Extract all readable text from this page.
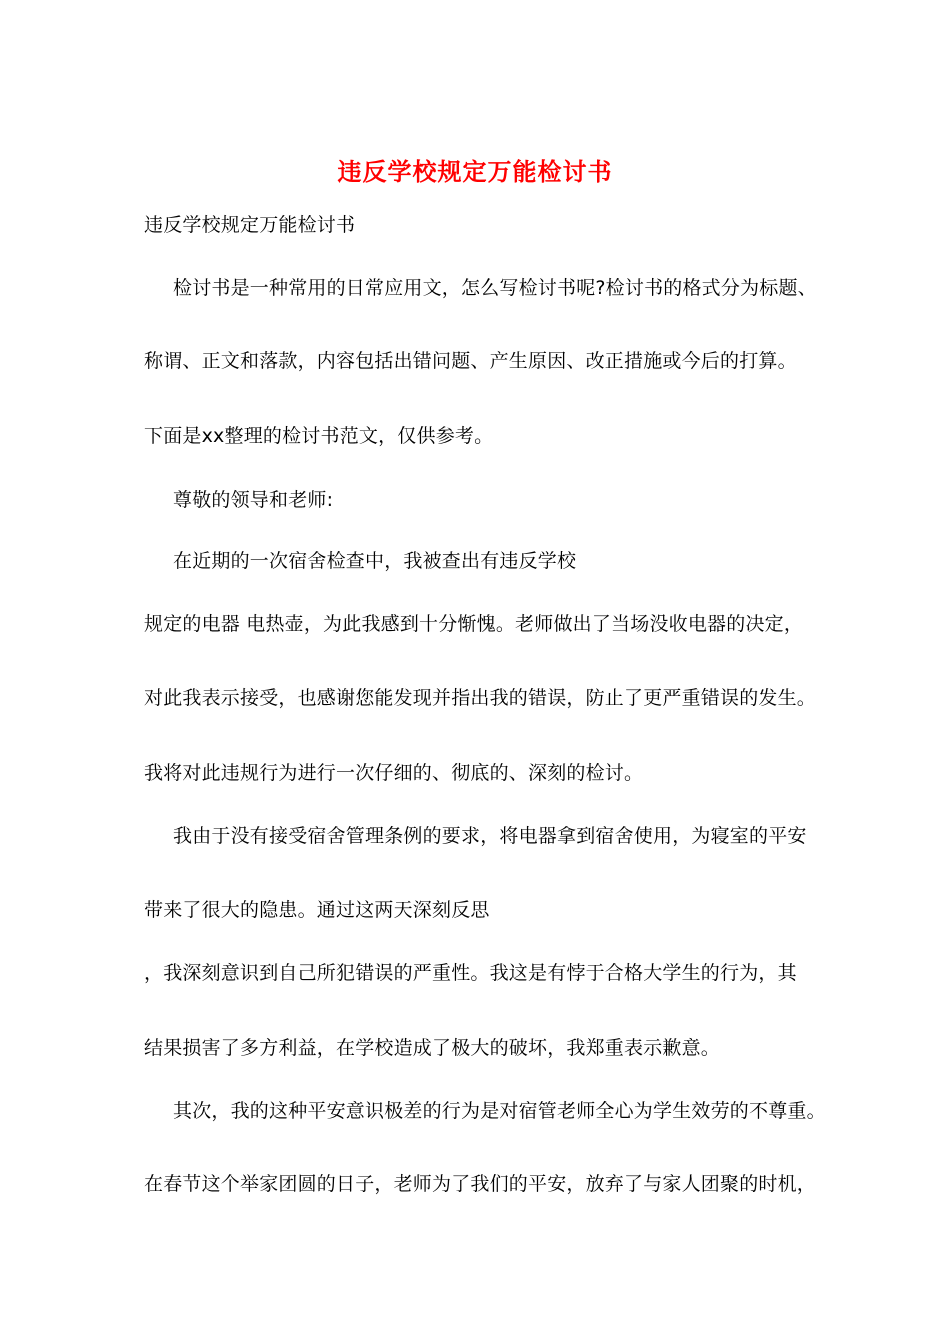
违反学校规定万能检讨书
违反学校规定万能检讨书
检讨书是一种常用的日常应用文，怎么写检讨书呢?检讨书的格式分为标题、
称谓、正文和落款，内容包括出错问题、产生原因、改正措施或今后的打算。
下面是xx整理的检讨书范文，仅供参考。
尊敬的领导和老师:
在近期的一次宿舍检查中，我被查出有违反学校
规定的电器 电热壶，为此我感到十分惭愧。老师做出了当场没收电器的决定，
对此我表示接受，也感谢您能发现并指出我的错误，防止了更严重错误的发生。
我将对此违规行为进行一次仔细的、彻底的、深刻的检讨。
我由于没有接受宿舍管理条例的要求，将电器拿到宿舍使用，为寝室的平安
带来了很大的隐患。通过这两天深刻反思
，我深刻意识到自己所犯错误的严重性。我这是有悖于合格大学生的行为，其
结果损害了多方利益，在学校造成了极大的破坏，我郑重表示歉意。
其次，我的这种平安意识极差的行为是对宿管老师全心为学生效劳的不尊重。
在春节这个举家团圆的日子，老师为了我们的平安，放弃了与家人团聚的时机，
